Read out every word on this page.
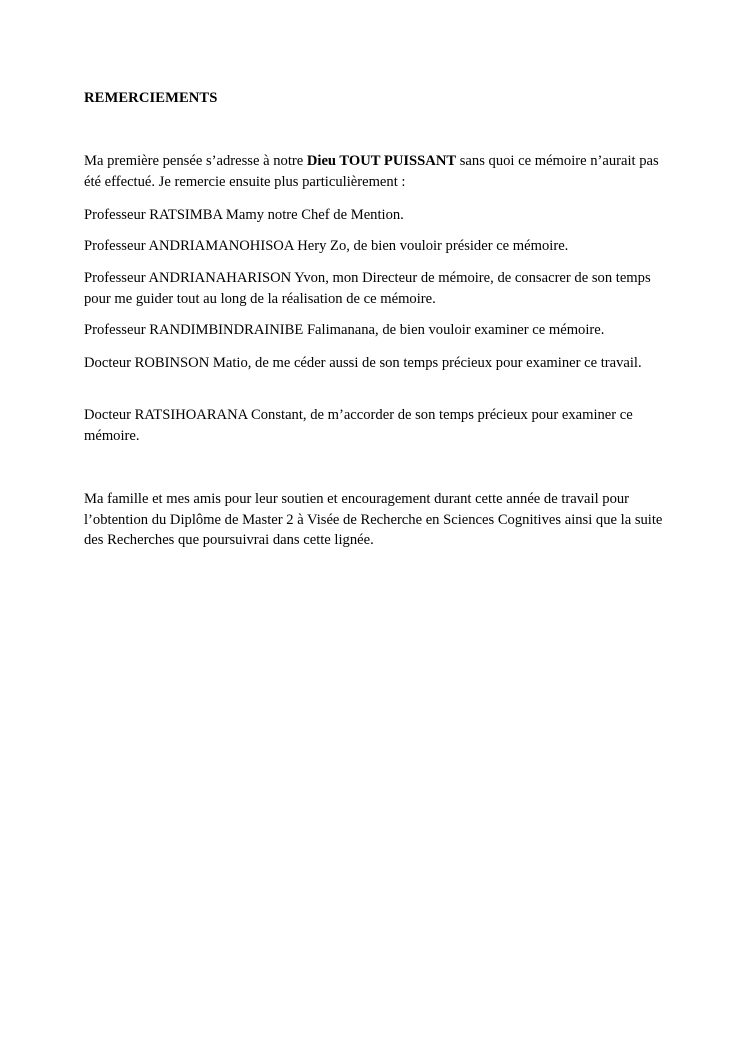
REMERCIEMENTS

Ma première pensée s’adresse à notre Dieu TOUT PUISSANT sans quoi ce mémoire n’aurait pas été effectué. Je remercie ensuite plus particulièrement :

Professeur RATSIMBA Mamy notre Chef de Mention.

Professeur ANDRIAMANOHISOA Hery Zo, de bien vouloir présider ce mémoire.

Professeur ANDRIANAHARISON Yvon, mon Directeur de mémoire, de consacrer de son temps pour me guider tout au long de la réalisation de ce mémoire.

Professeur RANDIMBINDRAINIBE Falimanana, de bien vouloir examiner ce mémoire.

Docteur ROBINSON Matio, de me céder aussi de son temps précieux pour examiner ce travail.

Docteur RATSIHOARANA Constant, de m’accorder de son temps précieux pour examiner ce mémoire.

Ma famille et mes amis pour leur soutien et encouragement durant cette année de travail pour l’obtention du Diplôme de Master 2 à Visée de Recherche en Sciences Cognitives ainsi que la suite des Recherches que poursuivrai dans cette lignée.
